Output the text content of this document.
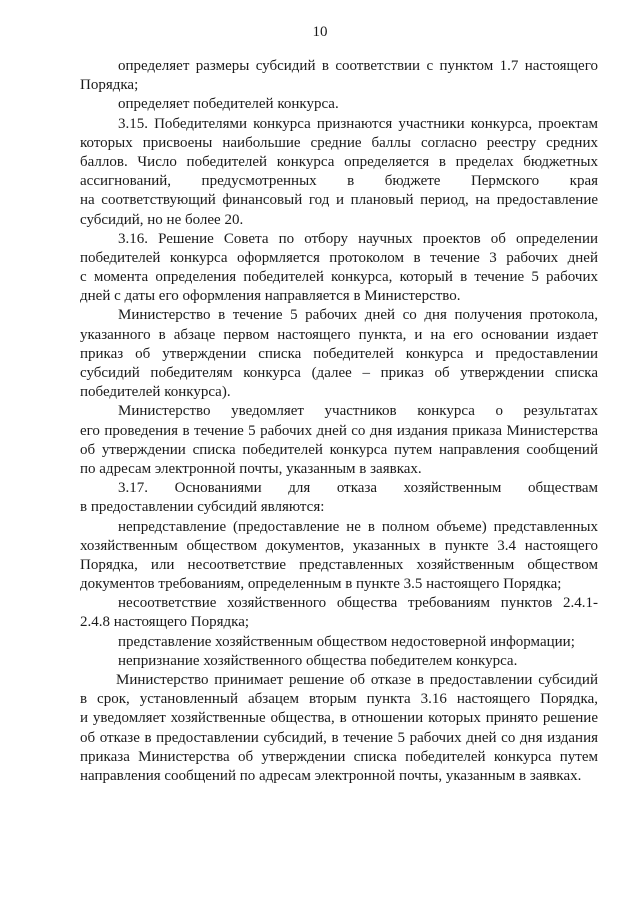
10
определяет размеры субсидий в соответствии с пунктом 1.7 настоящего
Порядка;
определяет победителей конкурса.
3.15. Победителями конкурса признаются участники конкурса, проектам
которых присвоены наибольшие средние баллы согласно реестру средних
баллов. Число победителей конкурса определяется в пределах бюджетных
ассигнований, предусмотренных в бюджете Пермского края
на соответствующий финансовый год и плановый период, на предоставление
субсидий, но не более 20.
3.16. Решение Совета по отбору научных проектов об определении
победителей конкурса оформляется протоколом в течение 3 рабочих дней
с момента определения победителей конкурса, который в течение 5 рабочих
дней с даты его оформления направляется в Министерство.
Министерство в течение 5 рабочих дней со дня получения протокола,
указанного в абзаце первом настоящего пункта, и на его основании издает
приказ об утверждении списка победителей конкурса и предоставлении
субсидий победителям конкурса (далее – приказ об утверждении списка
победителей конкурса).
Министерство уведомляет участников конкурса о результатах
его проведения в течение 5 рабочих дней со дня издания приказа Министерства
об утверждении списка победителей конкурса путем направления сообщений
по адресам электронной почты, указанным в заявках.
3.17. Основаниями для отказа хозяйственным обществам
в предоставлении субсидий являются:
непредставление (предоставление не в полном объеме) представленных
хозяйственным обществом документов, указанных в пункте 3.4 настоящего
Порядка, или несоответствие представленных хозяйственным обществом
документов требованиям, определенным в пункте 3.5 настоящего Порядка;
несоответствие хозяйственного общества требованиям пунктов 2.4.1-
2.4.8 настоящего Порядка;
представление хозяйственным обществом недостоверной информации;
непризнание хозяйственного общества победителем конкурса.
Министерство принимает решение об отказе в предоставлении субсидий
в срок, установленный абзацем вторым пункта 3.16 настоящего Порядка,
и уведомляет хозяйственные общества, в отношении которых принято решение
об отказе в предоставлении субсидий, в течение 5 рабочих дней со дня издания
приказа Министерства об утверждении списка победителей конкурса путем
направления сообщений по адресам электронной почты, указанным в заявках.
